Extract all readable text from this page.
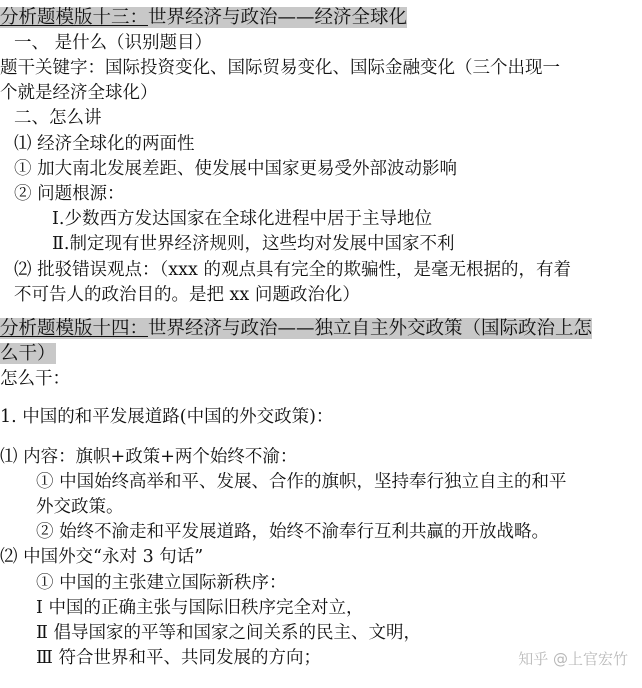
分析题模版十三：世界经济与政治——经济全球化
一、 是什么（识别题目）
题干关键字：国际投资变化、国际贸易变化、国际金融变化（三个出现一
个就是经济全球化）
二、怎么讲
⑴ 经济全球化的两面性
① 加大南北发展差距、使发展中国家更易受外部波动影响
② 问题根源：
Ⅰ.少数西方发达国家在全球化进程中居于主导地位
Ⅱ.制定现有世界经济规则，这些均对发展中国家不利
⑵ 批驳错误观点：（xxx 的观点具有完全的欺骗性，是毫无根据的，有着
不可告人的政治目的。是把 xx 问题政治化）
分析题模版十四：世界经济与政治——独立自主外交政策（国际政治上怎
么干）
怎么干：
1. 中国的和平发展道路(中国的外交政策)：
⑴ 内容：旗帜+政策+两个始终不渝：
① 中国始终高举和平、发展、合作的旗帜，坚持奉行独立自主的和平
外交政策。
② 始终不渝走和平发展道路，始终不渝奉行互利共赢的开放战略。
⑵ 中国外交“永对 3 句话”
① 中国的主张建立国际新秩序：
Ⅰ 中国的正确主张与国际旧秩序完全对立，
Ⅱ 倡导国家的平等和国家之间关系的民主、文明，
Ⅲ 符合世界和平、共同发展的方向；	知乎 @上官宏竹
